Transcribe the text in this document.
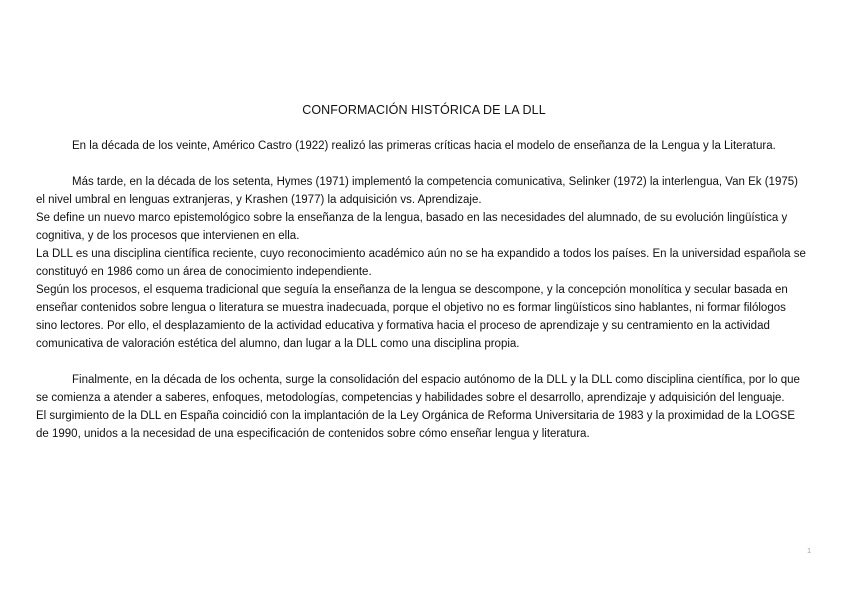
CONFORMACIÓN HISTÓRICA DE LA DLL

En la década de los veinte, Américo Castro (1922) realizó las primeras críticas hacia el modelo de enseñanza de la Lengua y la Literatura.

Más tarde, en la década de los setenta, Hymes (1971) implementó la competencia comunicativa, Selinker (1972) la interlengua, Van Ek (1975) el nivel umbral en lenguas extranjeras, y Krashen (1977) la adquisición vs. Aprendizaje.

Se define un nuevo marco epistemológico sobre la enseñanza de la lengua, basado en las necesidades del alumnado, de su evolución lingüística y cognitiva, y de los procesos que intervienen en ella.

La DLL es una disciplina científica reciente, cuyo reconocimiento académico aún no se ha expandido a todos los países. En la universidad española se constituyó en 1986 como un área de conocimiento independiente.

Según los procesos, el esquema tradicional que seguía la enseñanza de la lengua se descompone, y la concepción monolítica y secular basada en enseñar contenidos sobre lengua o literatura se muestra inadecuada, porque el objetivo no es formar lingüísticos sino hablantes, ni formar filólogos sino lectores. Por ello, el desplazamiento de la actividad educativa y formativa hacia el proceso de aprendizaje y su centramiento en la actividad comunicativa de valoración estética del alumno, dan lugar a la DLL como una disciplina propia.

Finalmente, en la década de los ochenta, surge la consolidación del espacio autónomo de la DLL y la DLL como disciplina científica, por lo que se comienza a atender a saberes, enfoques, metodologías, competencias y habilidades sobre el desarrollo, aprendizaje y adquisición del lenguaje.

El surgimiento de la DLL en España coincidió con la implantación de la Ley Orgánica de Reforma Universitaria de 1983 y la proximidad de la LOGSE de 1990, unidos a la necesidad de una especificación de contenidos sobre cómo enseñar lengua y literatura.

1
